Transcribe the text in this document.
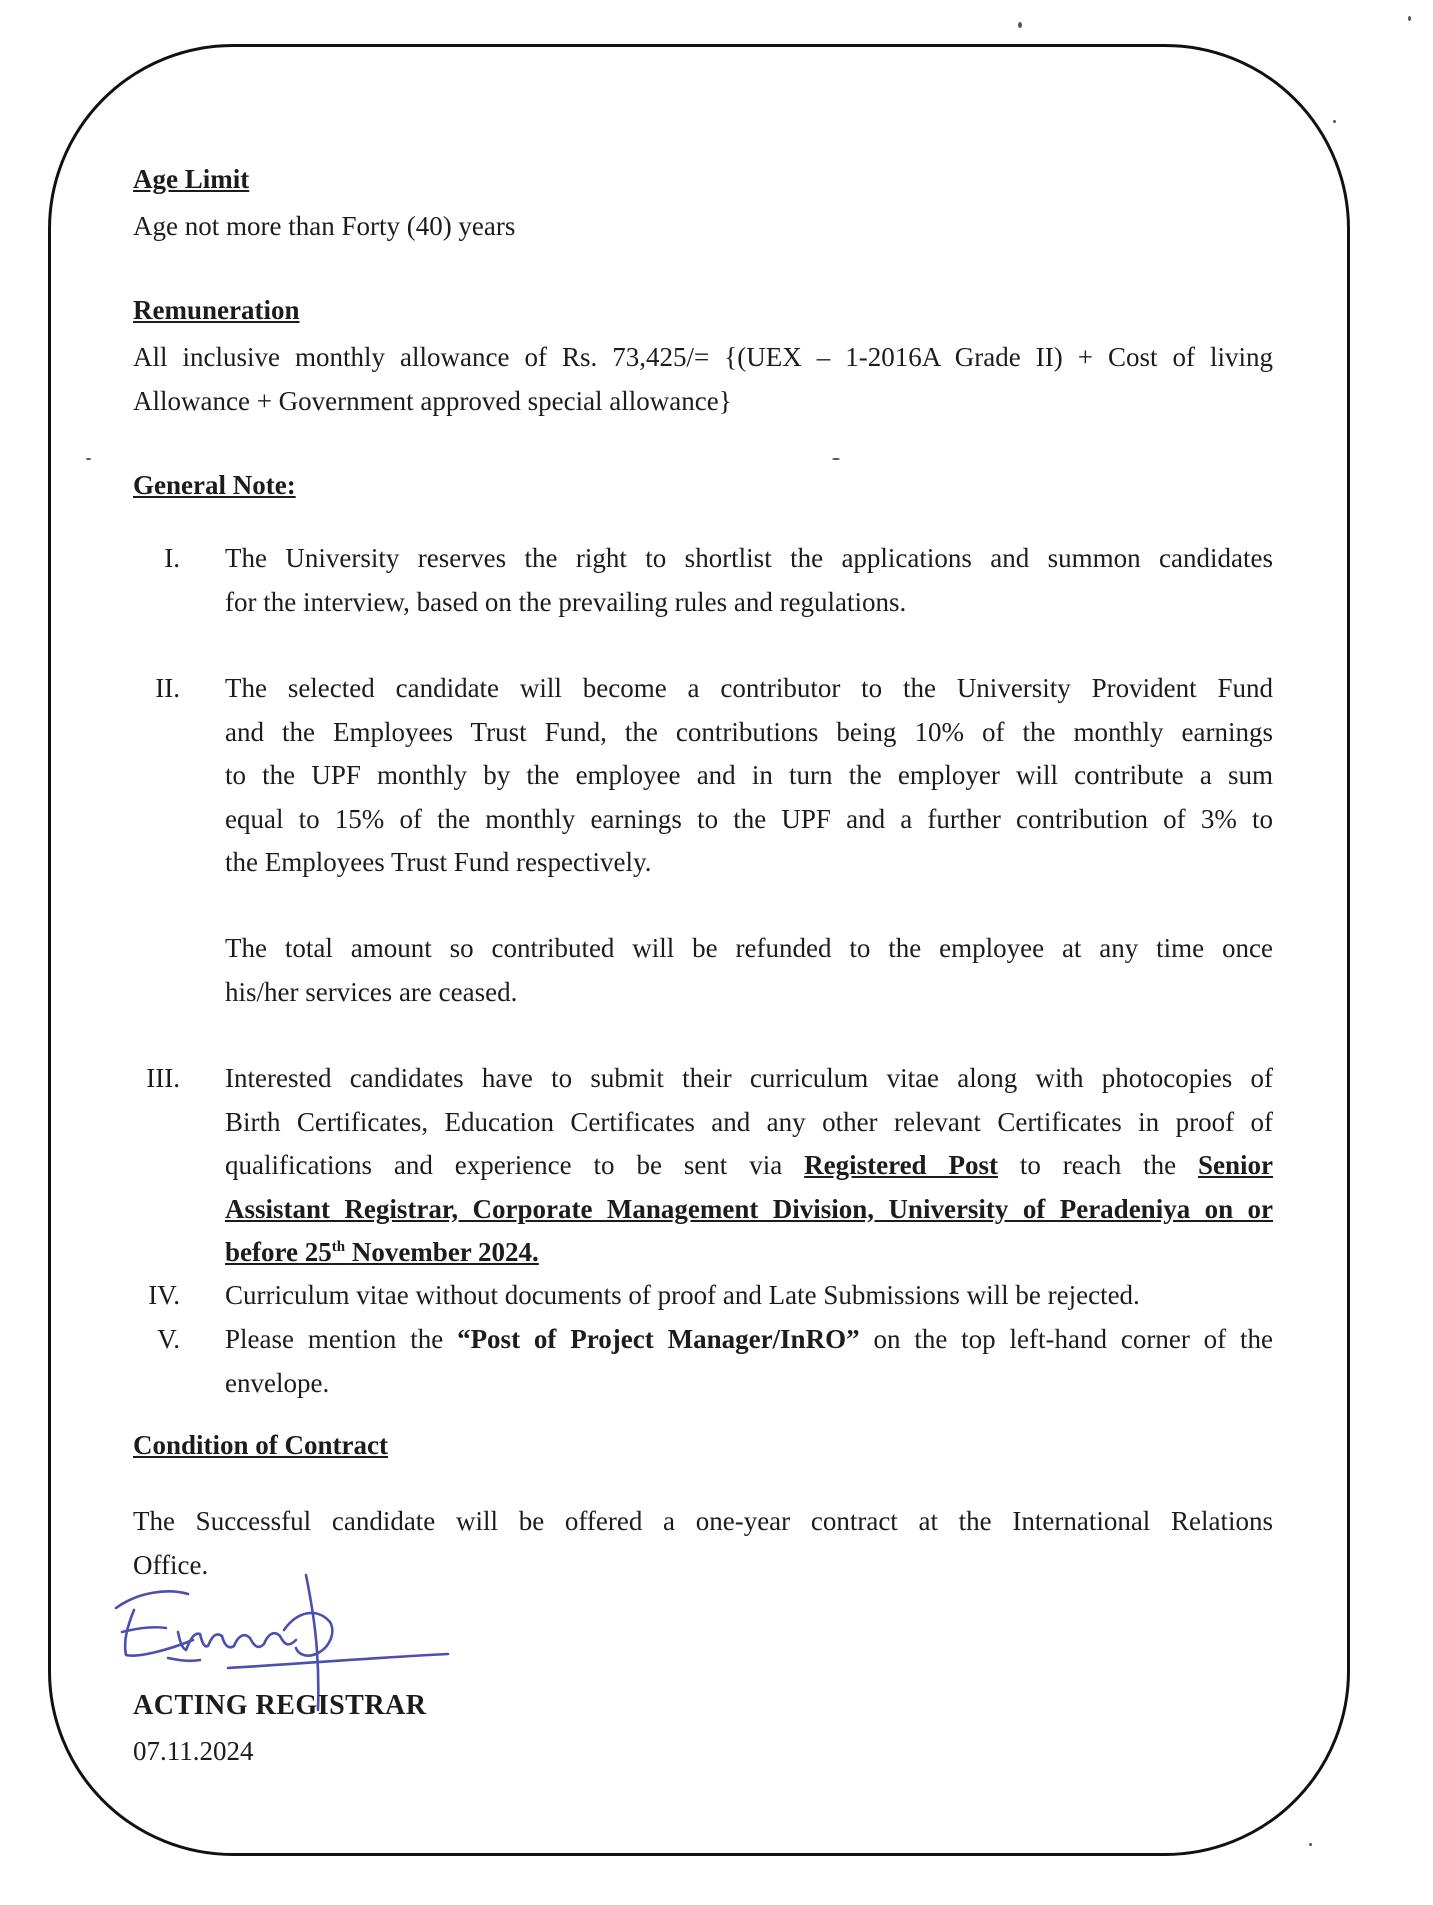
Age Limit
Age not more than Forty (40) years
Remuneration
All inclusive monthly allowance of Rs. 73,425/= {(UEX – 1-2016A Grade II) + Cost of living
Allowance + Government approved special allowance}
General Note:
I. The University reserves the right to shortlist the applications and summon candidates
for the interview, based on the prevailing rules and regulations.
II. The selected candidate will become a contributor to the University Provident Fund
and the Employees Trust Fund, the contributions being 10% of the monthly earnings
to the UPF monthly by the employee and in turn the employer will contribute a sum
equal to 15% of the monthly earnings to the UPF and a further contribution of 3% to
the Employees Trust Fund respectively.
The total amount so contributed will be refunded to the employee at any time once
his/her services are ceased.
III. Interested candidates have to submit their curriculum vitae along with photocopies of
Birth Certificates, Education Certificates and any other relevant Certificates in proof of
qualifications and experience to be sent via Registered Post to reach the Senior
Assistant Registrar, Corporate Management Division, University of Peradeniya on or
before 25th November 2024.
IV. Curriculum vitae without documents of proof and Late Submissions will be rejected.
V. Please mention the “Post of Project Manager/InRO” on the top left-hand corner of the
envelope.
Condition of Contract
The Successful candidate will be offered a one-year contract at the International Relations
Office.
ACTING REGISTRAR
07.11.2024
